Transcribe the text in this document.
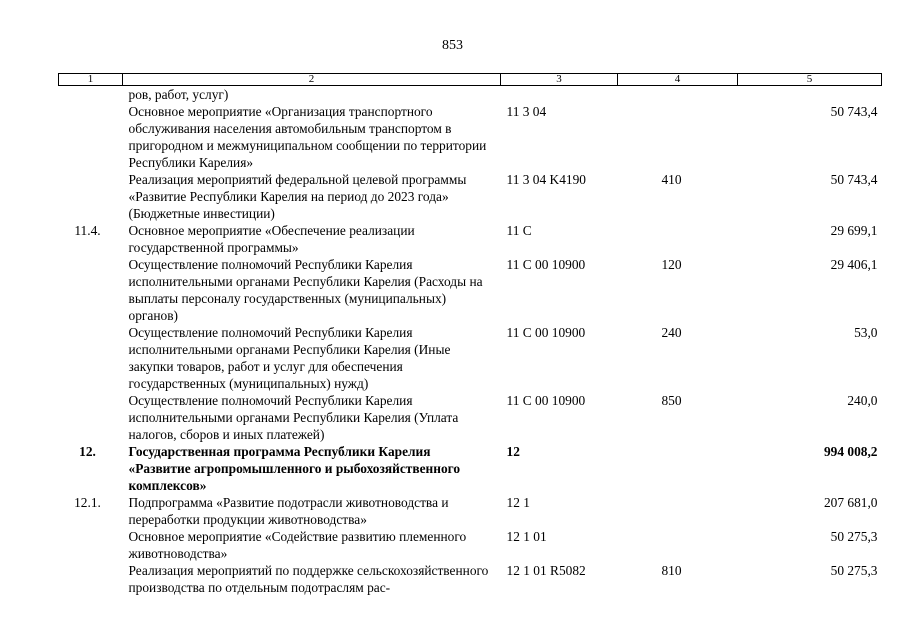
853
1	2	3	4	5
	ров, работ, услуг)			
	Основное мероприятие «Организация транспортного обслуживания населения автомобильным транспортом в пригородном и межмуниципальном сообщении по территории Республики Карелия»	11 3 04		50 743,4
	Реализация мероприятий федеральной целевой программы «Развитие Республики Карелия на период до 2023 года» (Бюджетные инвестиции)	11 3 04 K4190	410	50 743,4
11.4.	Основное мероприятие «Обеспечение реализации государственной программы»	11 С		29 699,1
	Осуществление полномочий Республики Карелия исполнительными органами Республики Карелия (Расходы на выплаты персоналу государственных (муниципальных) органов)	11 С 00 10900	120	29 406,1
	Осуществление полномочий Республики Карелия исполнительными органами Республики Карелия (Иные закупки товаров, работ и услуг для обеспечения государственных (муниципальных) нужд)	11 С 00 10900	240	53,0
	Осуществление полномочий Республики Карелия исполнительными органами Республики Карелия (Уплата налогов, сборов и иных платежей)	11 С 00 10900	850	240,0
12.	Государственная программа Республики Карелия «Развитие агропромышленного и рыбохозяйственного комплексов»	12		994 008,2
12.1.	Подпрограмма «Развитие подотрасли животноводства и переработки продукции животноводства»	12 1		207 681,0
	Основное мероприятие «Содействие развитию племенного животноводства»	12 1 01		50 275,3
	Реализация мероприятий по поддержке сельскохозяйственного производства по отдельным подотраслям рас-	12 1 01 R5082	810	50 275,3
